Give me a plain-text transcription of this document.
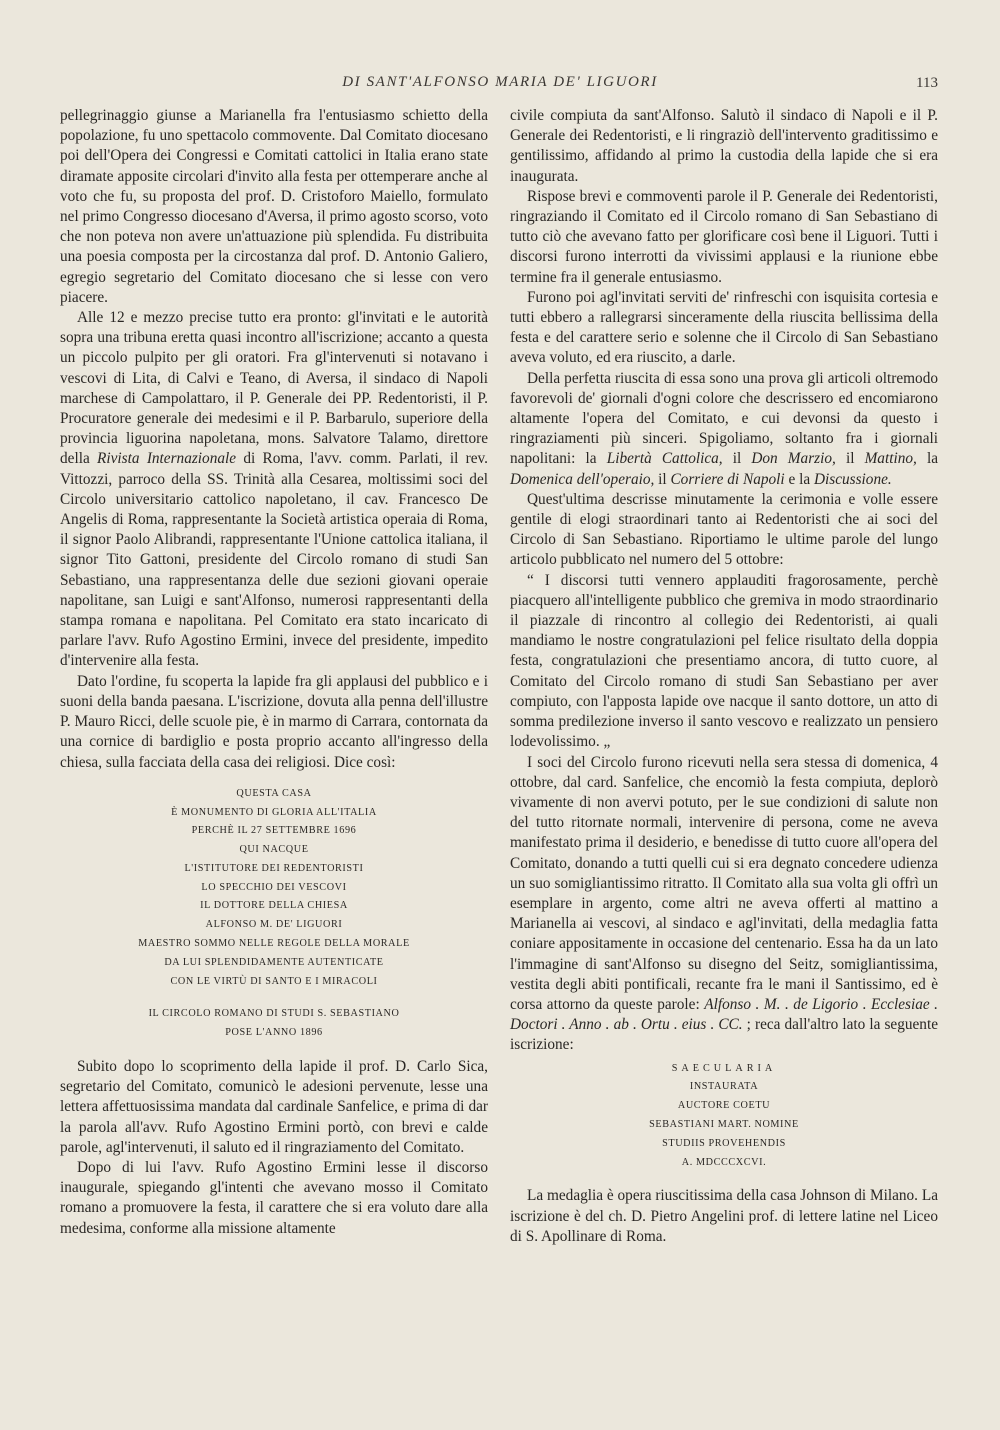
DI SANT'ALFONSO MARIA DE' LIGUORI	113

pellegrinaggio giunse a Marianella fra l'entusiasmo schietto della popolazione, fu uno spettacolo commovente. Dal Comitato diocesano poi dell'Opera dei Congressi e Comitati cattolici in Italia erano state diramate apposite circolari d'invito alla festa per ottemperare anche al voto che fu, su proposta del prof. D. Cristoforo Maiello, formulato nel primo Congresso diocesano d'Aversa, il primo agosto scorso, voto che non poteva non avere un'attuazione più splendida. Fu distribuita una poesia composta per la circostanza dal prof. D. Antonio Galiero, egregio segretario del Comitato diocesano che si lesse con vero piacere.

Alle 12 e mezzo precise tutto era pronto: gl'invitati e le autorità sopra una tribuna eretta quasi incontro all'iscrizione; accanto a questa un piccolo pulpito per gli oratori. Fra gl'intervenuti si notavano i vescovi di Lita, di Calvi e Teano, di Aversa, il sindaco di Napoli marchese di Campolattaro, il P. Generale dei PP. Redentoristi, il P. Procuratore generale dei medesimi e il P. Barbarulo, superiore della provincia liguorina napoletana, mons. Salvatore Talamo, direttore della Rivista Internazionale di Roma, l'avv. comm. Parlati, il rev. Vittozzi, parroco della SS. Trinità alla Cesarea, moltissimi soci del Circolo universitario cattolico napoletano, il cav. Francesco De Angelis di Roma, rappresentante la Società artistica operaia di Roma, il signor Paolo Alibrandi, rappresentante l'Unione cattolica italiana, il signor Tito Gattoni, presidente del Circolo romano di studi San Sebastiano, una rappresentanza delle due sezioni giovani operaie napolitane, san Luigi e sant'Alfonso, numerosi rappresentanti della stampa romana e napolitana. Pel Comitato era stato incaricato di parlare l'avv. Rufo Agostino Ermini, invece del presidente, impedito d'intervenire alla festa.

Dato l'ordine, fu scoperta la lapide fra gli applausi del pubblico e i suoni della banda paesana. L'iscrizione, dovuta alla penna dell'illustre P. Mauro Ricci, delle scuole pie, è in marmo di Carrara, contornata da una cornice di bardiglio e posta proprio accanto all'ingresso della chiesa, sulla facciata della casa dei religiosi. Dice così:

QUESTA CASA
È MONUMENTO DI GLORIA ALL'ITALIA
PERCHÈ IL 27 SETTEMBRE 1696
QUI NACQUE
L'ISTITUTORE DEI REDENTORISTI
LO SPECCHIO DEI VESCOVI
IL DOTTORE DELLA CHIESA
ALFONSO M. DE' LIGUORI
MAESTRO SOMMO NELLE REGOLE DELLA MORALE
DA LUI SPLENDIDAMENTE AUTENTICATE
CON LE VIRTÙ DI SANTO E I MIRACOLI
IL CIRCOLO ROMANO DI STUDI S. SEBASTIANO
POSE L'ANNO 1896

Subito dopo lo scoprimento della lapide il prof. D. Carlo Sica, segretario del Comitato, comunicò le adesioni pervenute, lesse una lettera affettuosissima mandata dal cardinale Sanfelice, e prima di dar la parola all'avv. Rufo Agostino Ermini portò, con brevi e calde parole, agl'intervenuti, il saluto ed il ringraziamento del Comitato.

Dopo di lui l'avv. Rufo Agostino Ermini lesse il discorso inaugurale, spiegando gl'intenti che avevano mosso il Comitato romano a promuovere la festa, il carattere che si era voluto dare alla medesima, conforme alla missione altamente

civile compiuta da sant'Alfonso. Salutò il sindaco di Napoli e il P. Generale dei Redentoristi, e li ringraziò dell'intervento graditissimo e gentilissimo, affidando al primo la custodia della lapide che si era inaugurata.

Rispose brevi e commoventi parole il P. Generale dei Redentoristi, ringraziando il Comitato ed il Circolo romano di San Sebastiano di tutto ciò che avevano fatto per glorificare così bene il Liguori. Tutti i discorsi furono interrotti da vivissimi applausi e la riunione ebbe termine fra il generale entusiasmo.

Furono poi agl'invitati serviti de' rinfreschi con isquisita cortesia e tutti ebbero a rallegrarsi sinceramente della riuscita bellissima della festa e del carattere serio e solenne che il Circolo di San Sebastiano aveva voluto, ed era riuscito, a darle.

Della perfetta riuscita di essa sono una prova gli articoli oltremodo favorevoli de' giornali d'ogni colore che descrissero ed encomiarono altamente l'opera del Comitato, e cui devonsi da questo i ringraziamenti più sinceri. Spigoliamo, soltanto fra i giornali napolitani: la Libertà Cattolica, il Don Marzio, il Mattino, la Domenica dell'operaio, il Corriere di Napoli e la Discussione.

Quest'ultima descrisse minutamente la cerimonia e volle essere gentile di elogi straordinari tanto ai Redentoristi che ai soci del Circolo di San Sebastiano. Riportiamo le ultime parole del lungo articolo pubblicato nel numero del 5 ottobre:

“ I discorsi tutti vennero applauditi fragorosamente, perchè piacquero all'intelligente pubblico che gremiva in modo straordinario il piazzale di rincontro al collegio dei Redentoristi, ai quali mandiamo le nostre congratulazioni pel felice risultato della doppia festa, congratulazioni che presentiamo ancora, di tutto cuore, al Comitato del Circolo romano di studi San Sebastiano per aver compiuto, con l'apposta lapide ove nacque il santo dottore, un atto di somma predilezione inverso il santo vescovo e realizzato un pensiero lodevolissimo. „

I soci del Circolo furono ricevuti nella sera stessa di domenica, 4 ottobre, dal card. Sanfelice, che encomiò la festa compiuta, deplorò vivamente di non avervi potuto, per le sue condizioni di salute non del tutto ritornate normali, intervenire di persona, come ne aveva manifestato prima il desiderio, e benedisse di tutto cuore all'opera del Comitato, donando a tutti quelli cui si era degnato concedere udienza un suo somigliantissimo ritratto. Il Comitato alla sua volta gli offrì un esemplare in argento, come altri ne aveva offerti al mattino a Marianella ai vescovi, al sindaco e agl'invitati, della medaglia fatta coniare appositamente in occasione del centenario. Essa ha da un lato l'immagine di sant'Alfonso su disegno del Seitz, somigliantissima, vestita degli abiti pontificali, recante fra le mani il Santissimo, ed è corsa attorno da queste parole: Alfonso . M. . de Ligorio . Ecclesiae . Doctori . Anno . ab . Ortu . eius . CC. ; reca dall'altro lato la seguente iscrizione:

SAECULARIA
INSTAURATA
AUCTORE COETU
SEBASTIANI MART. NOMINE
STUDIIS PROVEHENDIS
A. MDCCCXCVI.

La medaglia è opera riuscitissima della casa Johnson di Milano. La iscrizione è del ch. D. Pietro Angelini prof. di lettere latine nel Liceo di S. Apollinare di Roma.
